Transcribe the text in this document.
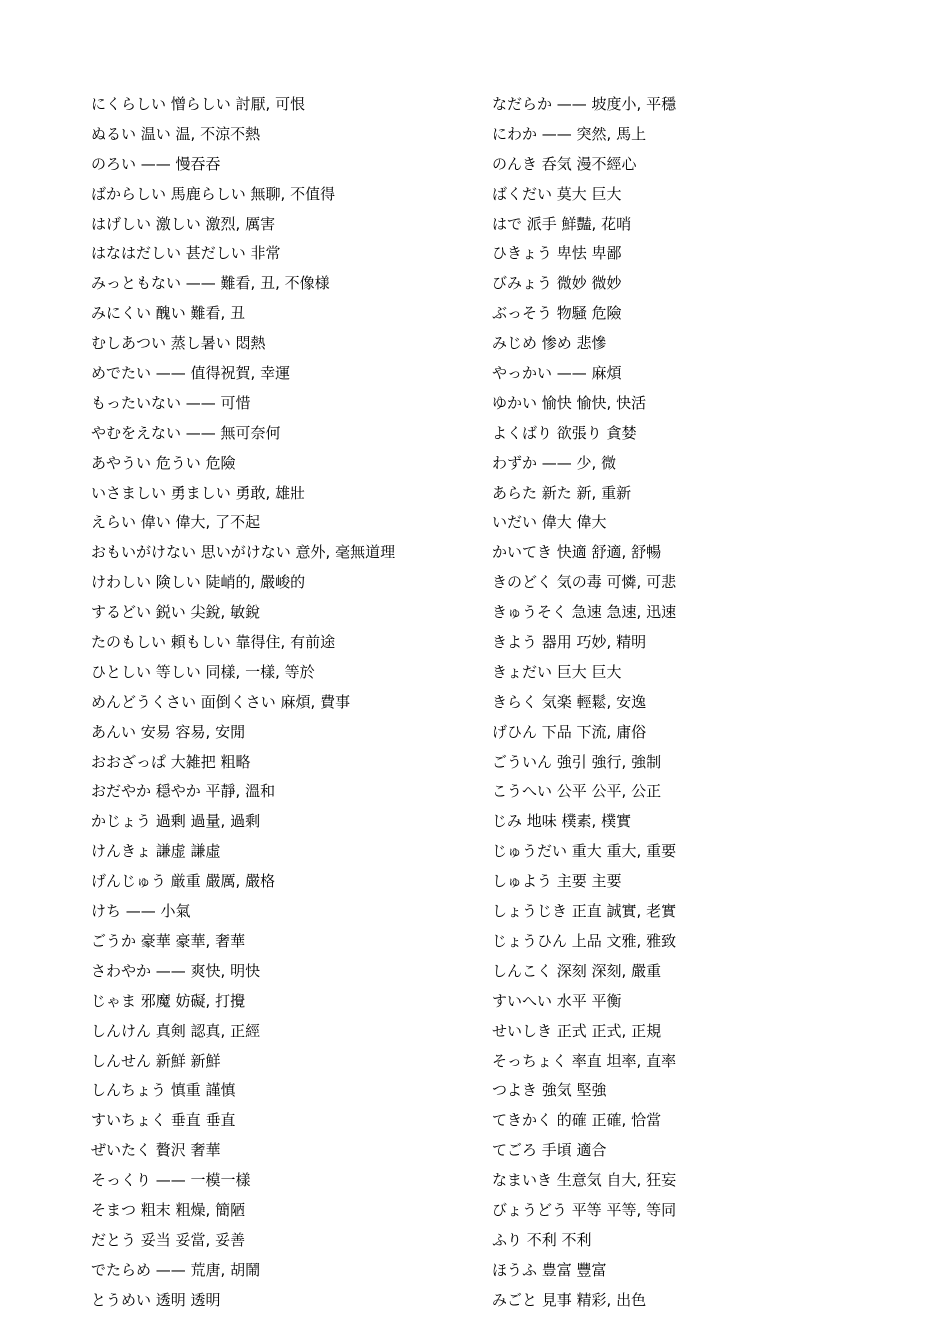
にくらしい 憎らしい 討厭, 可恨
ぬるい 温い 温, 不涼不熱
のろい —— 慢吞吞
ばからしい 馬鹿らしい 無聊, 不值得
はげしい 激しい 激烈, 厲害
はなはだしい 甚だしい 非常
みっともない —— 難看, 丑, 不像様
みにくい 醜い 難看, 丑
むしあつい 蒸し暑い 悶熱
めでたい —— 值得祝賀, 幸運
もったいない —— 可惜
やむをえない —— 無可奈何
あやうい 危うい 危險
いさましい 勇ましい 勇敢, 雄壯
えらい 偉い 偉大, 了不起
おもいがけない 思いがけない 意外, 毫無道理
けわしい 険しい 陡峭的, 嚴峻的
するどい 鋭い 尖銳, 敏銳
たのもしい 頼もしい 靠得住, 有前途
ひとしい 等しい 同樣, 一樣, 等於
めんどうくさい 面倒くさい 麻煩, 費事
あんい 安易 容易, 安閒
おおざっぱ 大雑把 粗略
おだやか 穏やか 平靜, 溫和
かじょう 過剰 過量, 過剩
けんきょ 謙虚 謙虛
げんじゅう 厳重 嚴厲, 嚴格
けち —— 小氣
ごうか 豪華 豪華, 奢華
さわやか —— 爽快, 明快
じゃま 邪魔 妨礙, 打攪
しんけん 真剣 認真, 正經
しんせん 新鮮 新鮮
しんちょう 慎重 謹慎
すいちょく 垂直 垂直
ぜいたく 贅沢 奢華
そっくり —— 一模一樣
そまつ 粗末 粗燥, 簡陋
だとう 妥当 妥當, 妥善
でたらめ —— 荒唐, 胡鬧
とうめい 透明 透明
なだらか —— 坡度小, 平穩
にわか —— 突然, 馬上
のんき 呑気 漫不經心
ばくだい 莫大 巨大
はで 派手 鮮豔, 花哨
ひきょう 卑怯 卑鄙
びみょう 微妙 微妙
ぶっそう 物騒 危險
みじめ 惨め 悲慘
やっかい —— 麻煩
ゆかい 愉快 愉快, 快活
よくばり 欲張り 貪婪
わずか —— 少, 微
あらた 新た 新, 重新
いだい 偉大 偉大
かいてき 快適 舒適, 舒暢
きのどく 気の毒 可憐, 可悲
きゅうそく 急速 急速, 迅速
きよう 器用 巧妙, 精明
きょだい 巨大 巨大
きらく 気楽 輕鬆, 安逸
げひん 下品 下流, 庸俗
ごういん 強引 強行, 強制
こうへい 公平 公平, 公正
じみ 地味 樸素, 樸實
じゅうだい 重大 重大, 重要
しゅよう 主要 主要
しょうじき 正直 誠實, 老實
じょうひん 上品 文雅, 雅致
しんこく 深刻 深刻, 嚴重
すいへい 水平 平衡
せいしき 正式 正式, 正規
そっちょく 率直 坦率, 直率
つよき 強気 堅強
てきかく 的確 正確, 恰當
てごろ 手頃 適合
なまいき 生意気 自大, 狂妄
びょうどう 平等 平等, 等同
ふり 不利 不利
ほうふ 豊富 豐富
みごと 見事 精彩, 出色
